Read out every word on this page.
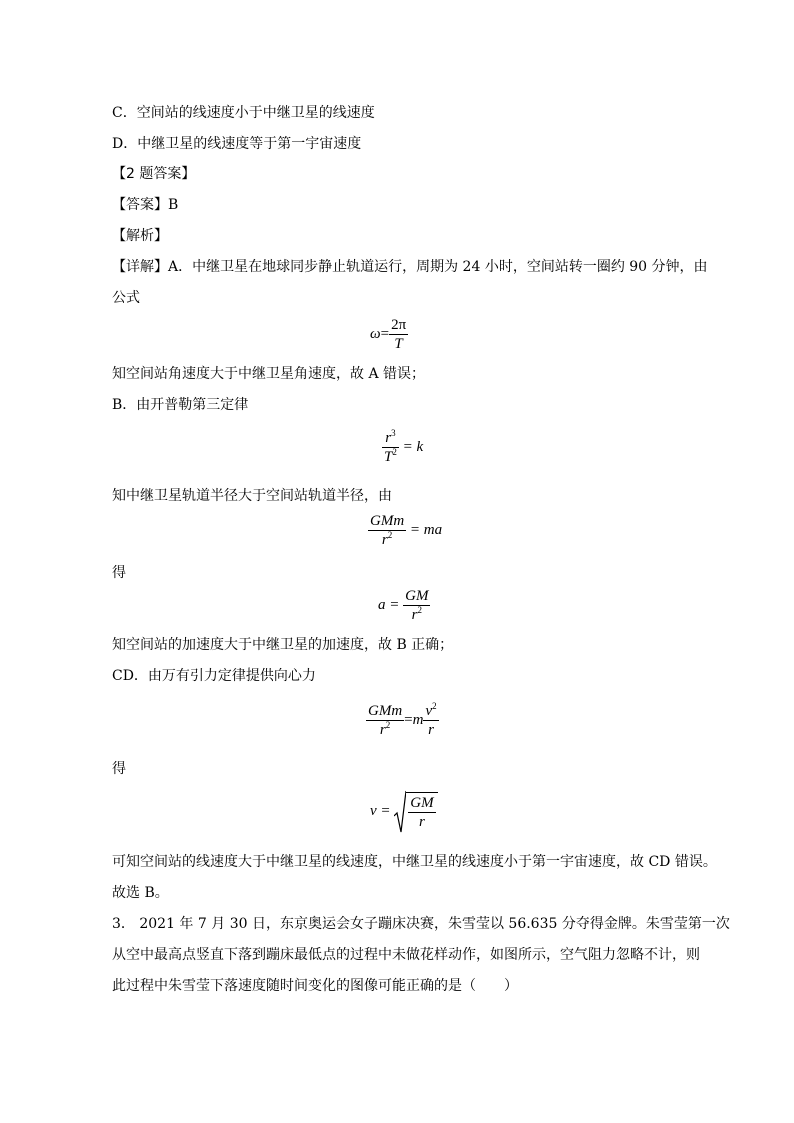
C．空间站的线速度小于中继卫星的线速度
D．中继卫星的线速度等于第一宇宙速度
【2 题答案】
【答案】B
【解析】
【详解】A．中继卫星在地球同步静止轨道运行，周期为 24 小时，空间站转一圈约 90 分钟，由
公式
$\omega= \frac{2\pi}{T}$
知空间站角速度大于中继卫星角速度，故 A 错误；
B．由开普勒第三定律
$\frac{r^3}{T^2} = k$
知中继卫星轨道半径大于空间站轨道半径，由
$\frac{\text{GMm}}{r^2}$ = ma
得
$a = \frac{GM}{r^2}$
知空间站的加速度大于中继卫星的加速度，故 B 正确；
CD．由万有引力定律提供向心力
$\frac{\text{GMm}}{r^2} =m \frac{v^2}{r}$
得
$v = \frac{GM}{r}$
可知空间站的线速度大于中继卫星的线速度，中继卫星的线速度小于第一宇宙速度，故 CD 错误。
故选 B。
3． 2021 年 7 月 30 日，东京奥运会女子蹦床决赛，朱雪莹以 56.635 分夺得金牌。朱雪莹第一次
从空中最高点竖直下落到蹦床最低点的过程中未做花样动作，如图所示，空气阻力忽略不计，则
此过程中朱雪莹下落速度随时间变化的图像可能正确的是（　　）
